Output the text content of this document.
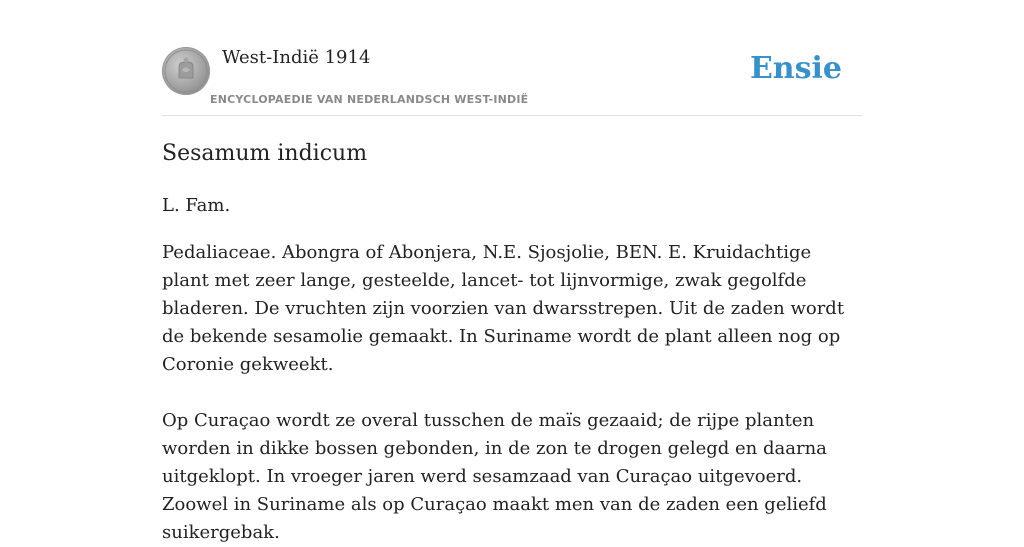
West-Indië 1914
ENCYCLOPAEDIE VAN NEDERLANDSCH WEST-INDIË
Ensie
Sesamum indicum

L. Fam.

Pedaliaceae. Abongra of Abonjera, N.E. Sjosjolie, BEN. E. Kruidachtige plant met zeer lange, gesteelde, lancet- tot lijnvormige, zwak gegolfde bladeren. De vruchten zijn voorzien van dwarsstrepen. Uit de zaden wordt de bekende sesamolie gemaakt. In Suriname wordt de plant alleen nog op Coronie gekweekt.

Op Curaçao wordt ze overal tusschen de maïs gezaaid; de rijpe planten worden in dikke bossen gebonden, in de zon te drogen gelegd en daarna uitgeklopt. In vroeger jaren werd sesamzaad van Curaçao uitgevoerd. Zoowel in Suriname als op Curaçao maakt men van de zaden een geliefd suikergebak.
